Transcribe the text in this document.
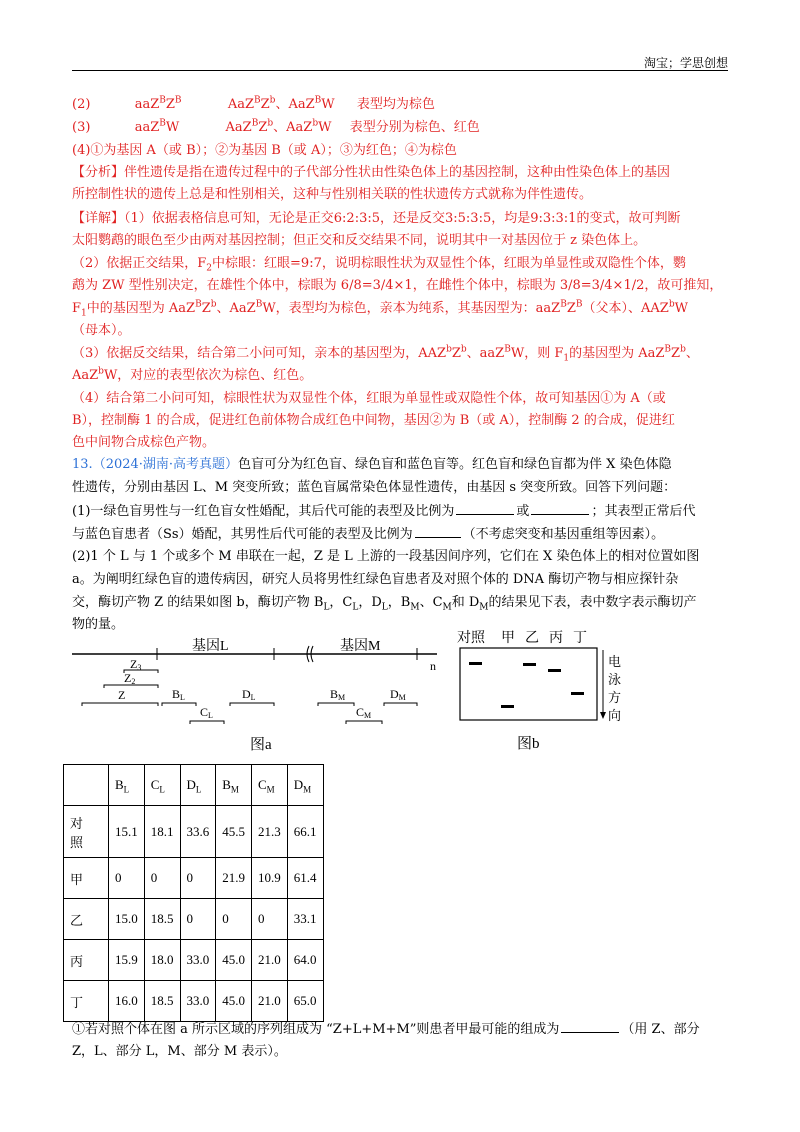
淘宝；学思创想
(2)	$aaZ^BZ^B$	$AaZ^BZ^b$、AaZ$^B$W 表型均为棕色
(3)	aaZ$^B$W	$AaZ^BZ^b$、AaZ$^b$W 表型分别为棕色、红色
(4)①为基因 A（或 B）；②为基因 B（或 A）；③为红色；④为棕色
【分析】伴性遗传是指在遗传过程中的子代部分性状由性染色体上的基因控制，这种由性染色体上的基因
所控制性状的遗传上总是和性别相关，这种与性别相关联的性状遗传方式就称为伴性遗传。
【详解】（1）依据表格信息可知，无论是正交6:2:3:5，还是反交3:5:3:5，均是9:3:3:1的变式，故可判断
太阳鹦鹉的眼色至少由两对基因控制；但正交和反交结果不同，说明其中一对基因位于 z 染色体上。
（2）依据正交结果，$F_2$中棕眼：红眼=9:7，说明棕眼性状为双显性个体，红眼为单显性或双隐性个体，鹦
鹉为 ZW 型性别决定，在雄性个体中，棕眼为 6/8=3/4×1，在雌性个体中，棕眼为 3/8=3/4×1/2，故可推知，
$F_1$中的基因型为 $AaZ^BZ^b$、AaZ$^B$W，表型均为棕色，亲本为纯系，其基因型为：$aaZ^BZ^B$（父本）、AAZ$^b$W
（母本）。
（3）依据反交结果，结合第二小问可知，亲本的基因型为，$AAZ^bZ^b$、aaZ$^B$W，则 $F_1$的基因型为 $AaZ^BZ^b$、
AaZ$^b$W，对应的表型依次为棕色、红色。
（4）结合第二小问可知，棕眼性状为双显性个体，红眼为单显性或双隐性个体，故可知基因①为 A（或
B），控制酶 1 的合成，促进红色前体物合成红色中间物，基因②为 B（或 A），控制酶 2 的合成，促进红
色中间物合成棕色产物。
13.（2024·湖南·高考真题）色盲可分为红色盲、绿色盲和蓝色盲等。红色盲和绿色盲都为伴 X 染色体隐
性遗传，分别由基因 L、M 突变所致；蓝色盲属常染色体显性遗传，由基因 s 突变所致。回答下列问题：
(1)一绿色盲男性与一红色盲女性婚配，其后代可能的表型及比例为	或	；其表型正常后代
与蓝色盲患者（Ss）婚配，其男性后代可能的表型及比例为	（不考虑突变和基因重组等因素）。
(2)1 个 L 与 1 个或多个 M 串联在一起，Z 是 L 上游的一段基因间序列，它们在 X 染色体上的相对位置如图
a。为阐明红绿色盲的遗传病因，研究人员将男性红绿色盲患者及对照个体的 DNA 酶切产物与相应探针杂
交，酶切产物 Z 的结果如图 b，酶切产物 $B_L$，$C_L$，$D_L$，$B_M$、$C_M$和 $D_M$的结果见下表，表中数字表示酶切产
物的量。
基因L	基因M
n
Z3
Z2
Z	BL
CL
DL	BM
CM
DM
图a
对照 甲 乙 丙 丁
电
泳
方
向
图b
	$B_L$	$C_L$	$D_L$	$B_M$	$C_M$	$D_M$
对
照	15.1	18.1	33.6	45.5	21.3	66.1
甲	0	0	0	21.9	10.9	61.4
乙	15.0	18.5	0	0	0	33.1
丙	15.9	18.0	33.0	45.0	21.0	64.0
丁	16.0	18.5	33.0	45.0	21.0	65.0
①若对照个体在图 a 所示区域的序列组成为 “Z+L+M+M”则患者甲最可能的组成为	（用 Z、部分
Z，L、部分 L，M、部分 M 表示）。
